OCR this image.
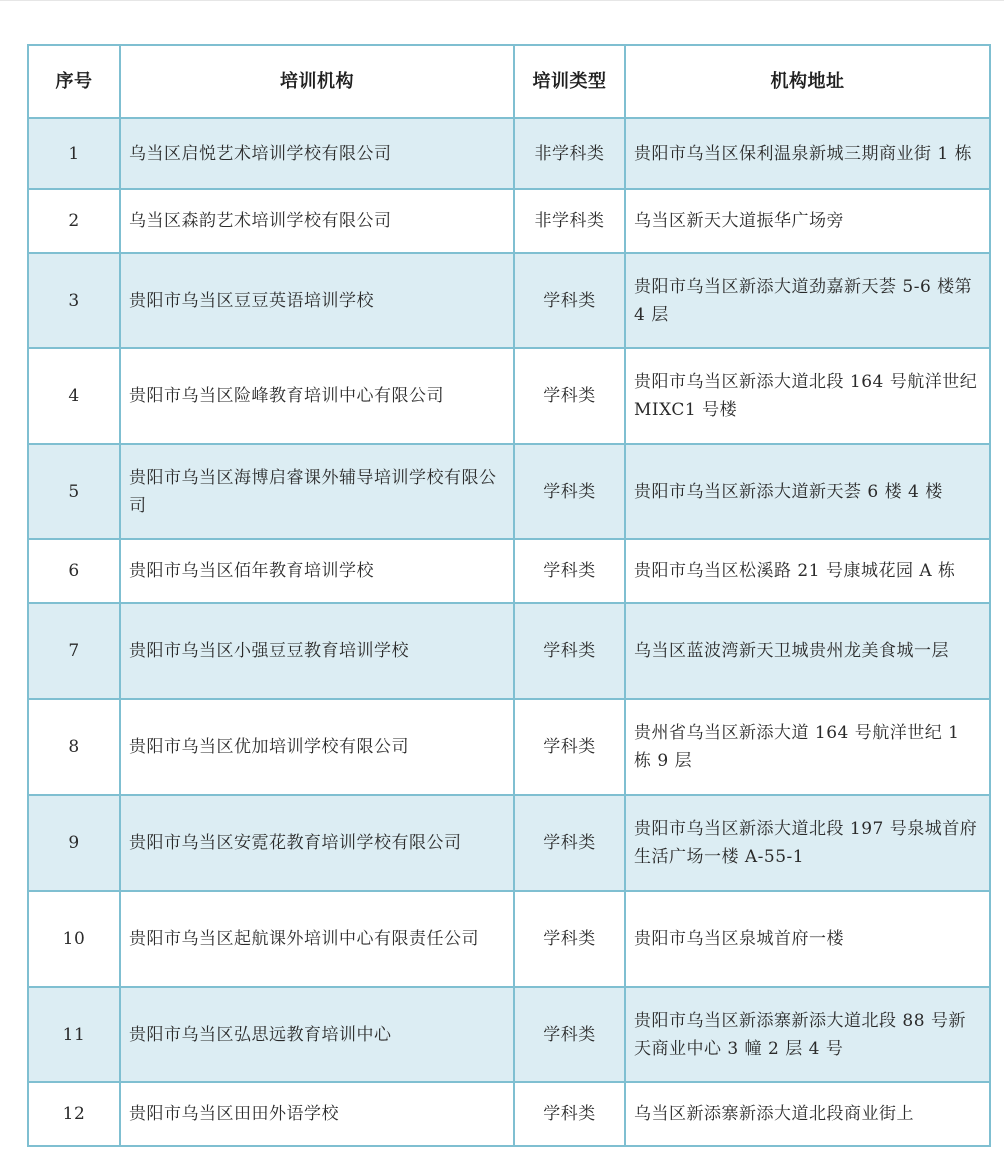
序号	培训机构	培训类型	机构地址
1	乌当区启悦艺术培训学校有限公司	非学科类	贵阳市乌当区保利温泉新城三期商业街 1 栋
2	乌当区森韵艺术培训学校有限公司	非学科类	乌当区新天大道振华广场旁
3	贵阳市乌当区豆豆英语培训学校	学科类	贵阳市乌当区新添大道劲嘉新天荟 5-6 楼第 4 层
4	贵阳市乌当区险峰教育培训中心有限公司	学科类	贵阳市乌当区新添大道北段 164 号航洋世纪 MIXC1 号楼
5	贵阳市乌当区海博启睿课外辅导培训学校有限公司	学科类	贵阳市乌当区新添大道新天荟 6 楼 4 楼
6	贵阳市乌当区佰年教育培训学校	学科类	贵阳市乌当区松溪路 21 号康城花园 A 栋
7	贵阳市乌当区小强豆豆教育培训学校	学科类	乌当区蓝波湾新天卫城贵州龙美食城一层
8	贵阳市乌当区优加培训学校有限公司	学科类	贵州省乌当区新添大道 164 号航洋世纪 1 栋 9 层
9	贵阳市乌当区安霓花教育培训学校有限公司	学科类	贵阳市乌当区新添大道北段 197 号泉城首府生活广场一楼 A-55-1
10	贵阳市乌当区起航课外培训中心有限责任公司	学科类	贵阳市乌当区泉城首府一楼
11	贵阳市乌当区弘思远教育培训中心	学科类	贵阳市乌当区新添寨新添大道北段 88 号新天商业中心 3 幢 2 层 4 号
12	贵阳市乌当区田田外语学校	学科类	乌当区新添寨新添大道北段商业街上
